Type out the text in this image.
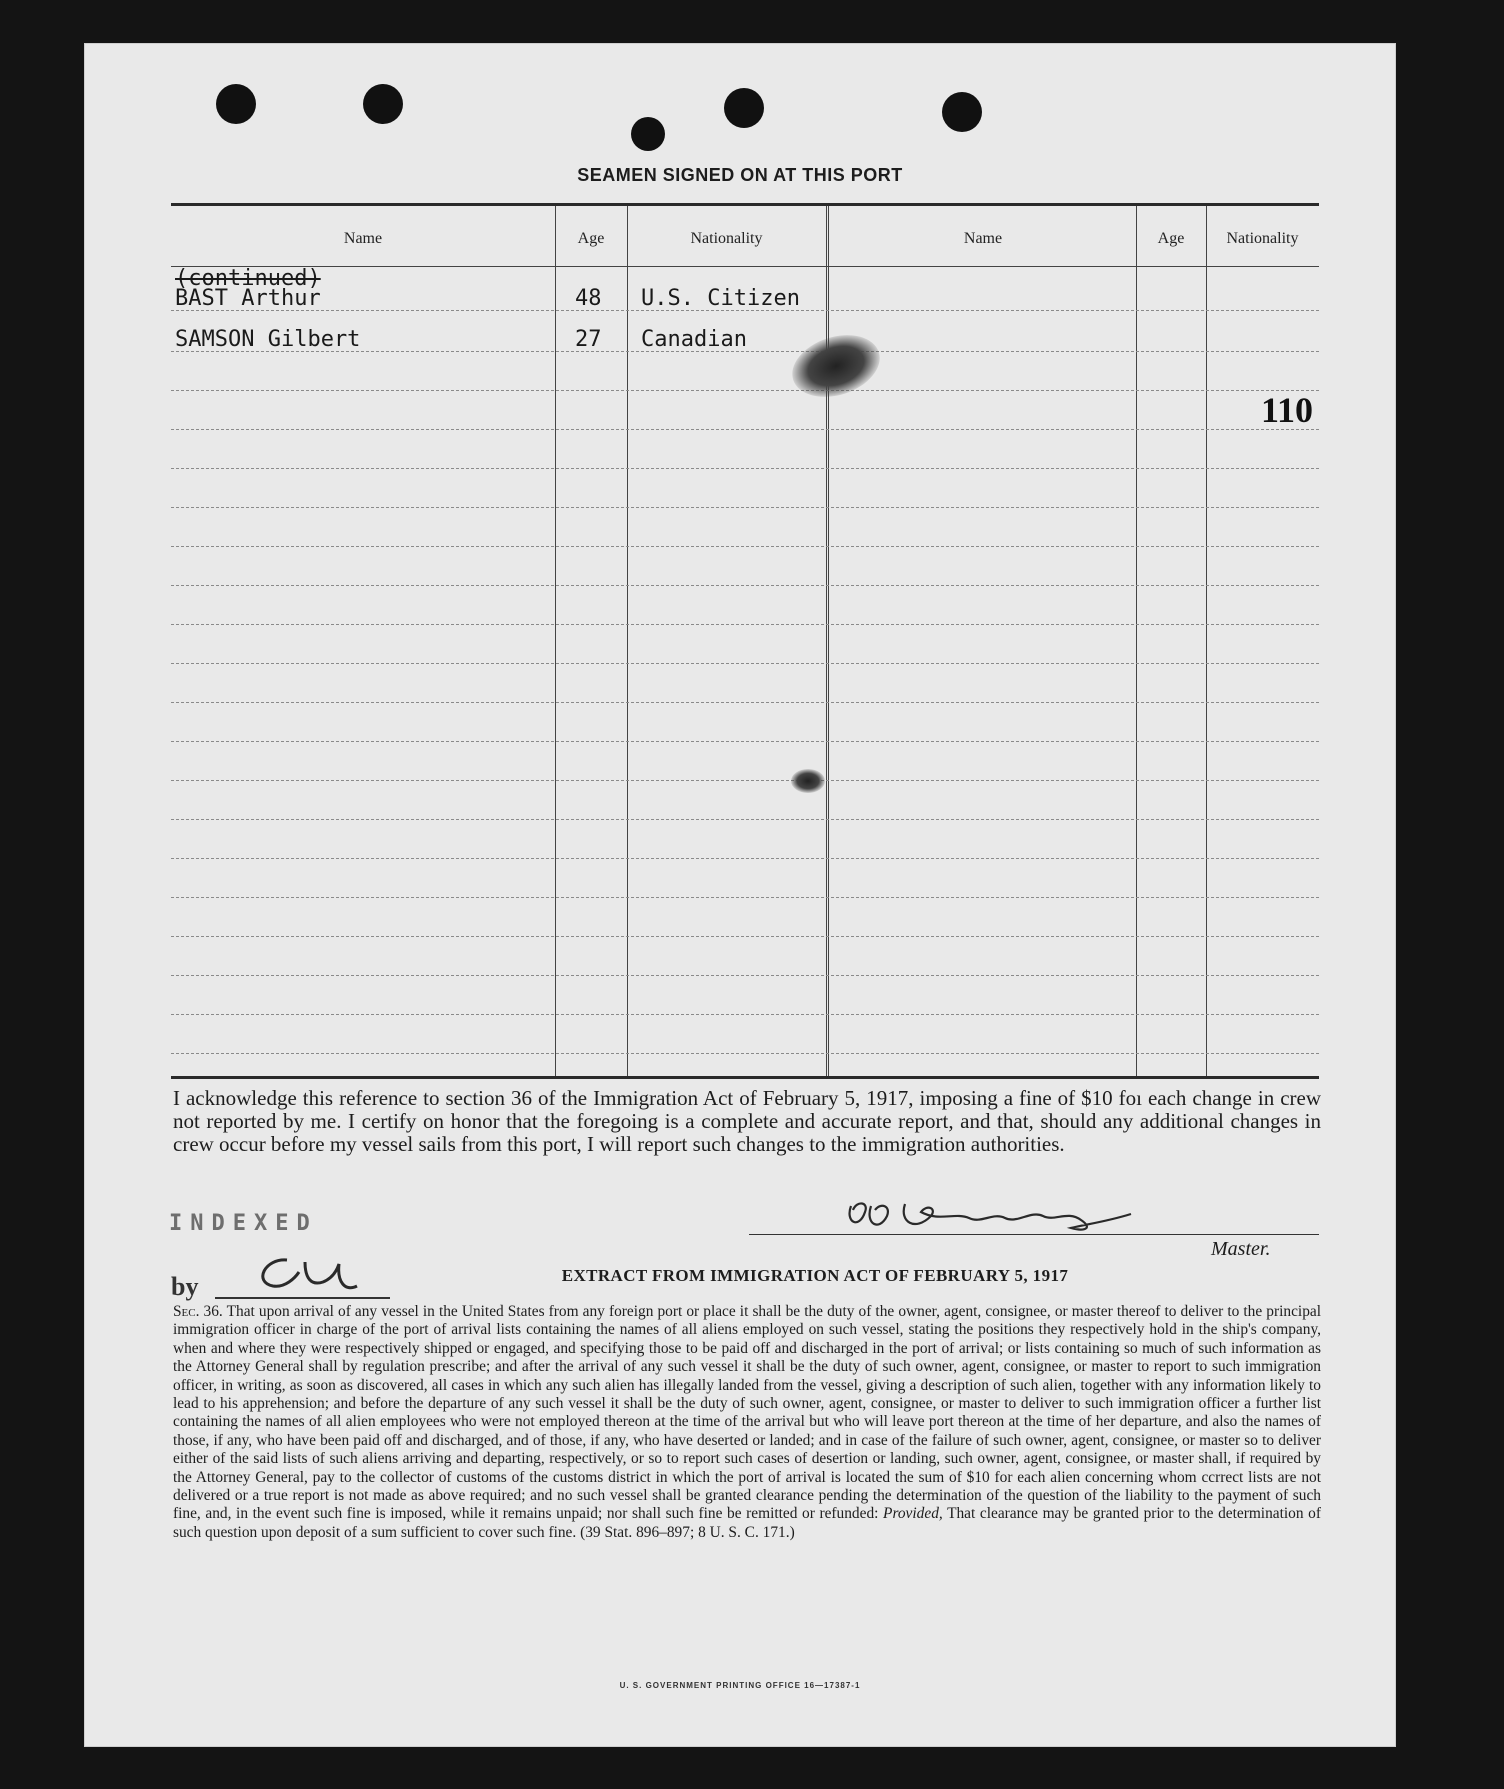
SEAMEN SIGNED ON AT THIS PORT
Name	Age	Nationality	Name	Age	Nationality
(continued)
BAST Arthur	48 U.S. Citizen
SAMSON Gilbert	27 Canadian
110
I acknowledge this reference to section 36 of the Immigration Act of February 5, 1917, imposing a fine of $10 foı each change in crew not reported by me. I certify on honor that the foregoing is a complete and accurate report, and that, should any additional changes in crew occur before my vessel sails from this port, I will report such changes to the immigration authorities.
INDEXED
by
Master.
EXTRACT FROM IMMIGRATION ACT OF FEBRUARY 5, 1917
Sec. 36. That upon arrival of any vessel in the United States from any foreign port or place it shall be the duty of the owner, agent, consignee, or master thereof to deliver to the principal immigration officer in charge of the port of arrival lists containing the names of all aliens employed on such vessel, stating the positions they respectively hold in the ship's company, when and where they were respectively shipped or engaged, and specifying those to be paid off and discharged in the port of arrival; or lists containing so much of such information as the Attorney General shall by regulation prescribe; and after the arrival of any such vessel it shall be the duty of such owner, agent, consignee, or master to report to such immigration officer, in writing, as soon as discovered, all cases in which any such alien has illegally landed from the vessel, giving a description of such alien, together with any information likely to lead to his apprehension; and before the departure of any such vessel it shall be the duty of such owner, agent, consignee, or master to deliver to such immigration officer a further list containing the names of all alien employees who were not employed thereon at the time of the arrival but who will leave port thereon at the time of her departure, and also the names of those, if any, who have been paid off and discharged, and of those, if any, who have deserted or landed; and in case of the failure of such owner, agent, consignee, or master so to deliver either of the said lists of such aliens arriving and departing, respectively, or so to report such cases of desertion or landing, such owner, agent, consignee, or master shall, if required by the Attorney General, pay to the collector of customs of the customs district in which the port of arrival is located the sum of $10 for each alien concerning whom ccrrect lists are not delivered or a true report is not made as above required; and no such vessel shall be granted clearance pending the determination of the question of the liability to the payment of such fine, and, in the event such fine is imposed, while it remains unpaid; nor shall such fine be remitted or refunded: Provided, That clearance may be granted prior to the determination of such question upon deposit of a sum sufficient to cover such fine. (39 Stat. 896–897; 8 U. S. C. 171.)
U. S. GOVERNMENT PRINTING OFFICE 16—17387-1
